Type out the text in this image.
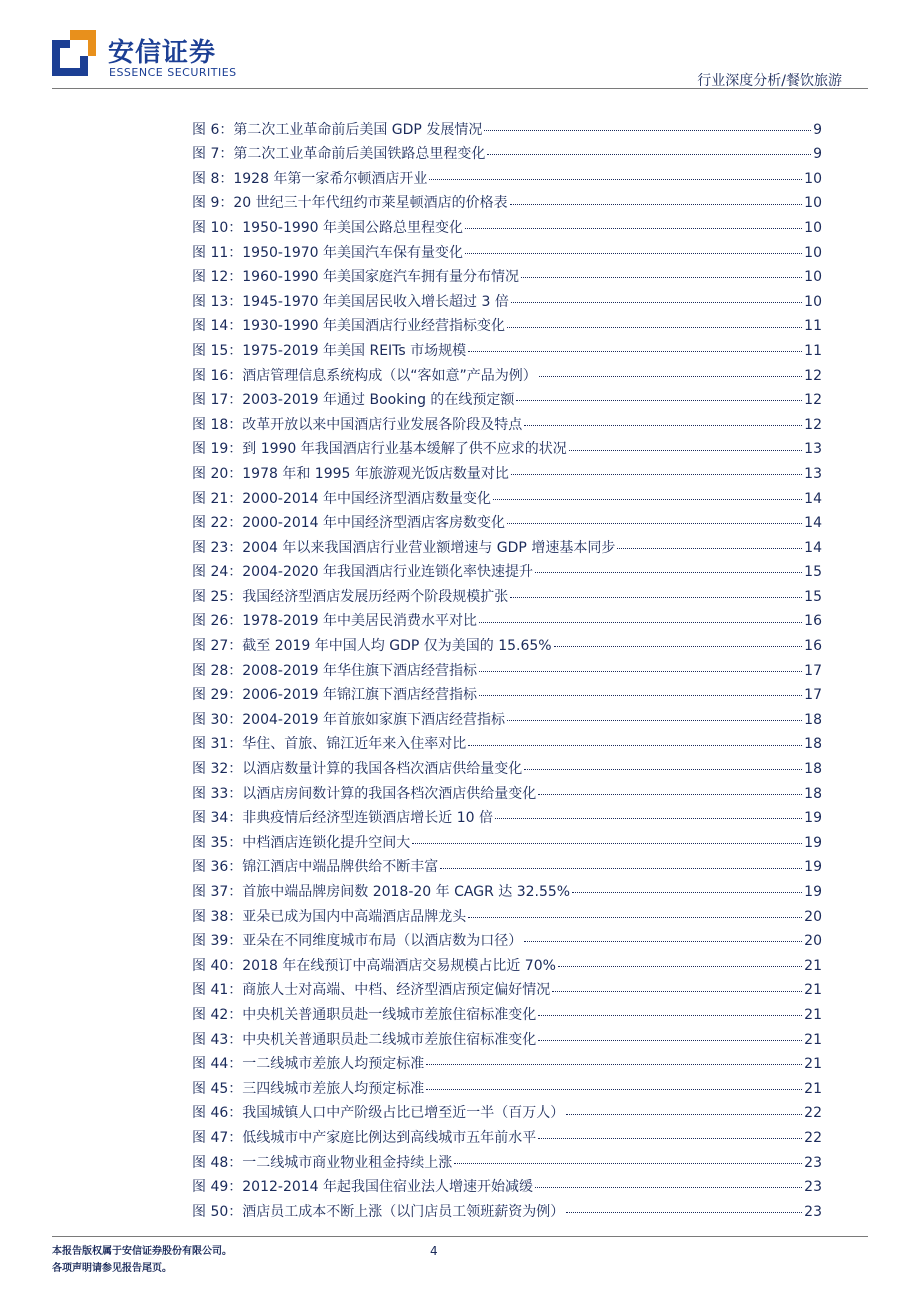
安信证券
ESSENCE SECURITIES
行业深度分析/餐饮旅游
图 6：第二次工业革命前后美国 GDP 发展情况	9
图 7：第二次工业革命前后美国铁路总里程变化	9
图 8：1928 年第一家希尔顿酒店开业	10
图 9：20 世纪三十年代纽约市莱星顿酒店的价格表	10
图 10：1950-1990 年美国公路总里程变化	10
图 11：1950-1970 年美国汽车保有量变化	10
图 12：1960-1990 年美国家庭汽车拥有量分布情况	10
图 13：1945-1970 年美国居民收入增长超过 3 倍	10
图 14：1930-1990 年美国酒店行业经营指标变化	11
图 15：1975-2019 年美国 REITs 市场规模	11
图 16：酒店管理信息系统构成（以“客如意”产品为例）	12
图 17：2003-2019 年通过 Booking 的在线预定额	12
图 18：改革开放以来中国酒店行业发展各阶段及特点	12
图 19：到 1990 年我国酒店行业基本缓解了供不应求的状况	13
图 20：1978 年和 1995 年旅游观光饭店数量对比	13
图 21：2000-2014 年中国经济型酒店数量变化	14
图 22：2000-2014 年中国经济型酒店客房数变化	14
图 23：2004 年以来我国酒店行业营业额增速与 GDP 增速基本同步	14
图 24：2004-2020 年我国酒店行业连锁化率快速提升	15
图 25：我国经济型酒店发展历经两个阶段规模扩张	15
图 26：1978-2019 年中美居民消费水平对比	16
图 27：截至 2019 年中国人均 GDP 仅为美国的 15.65%	16
图 28：2008-2019 年华住旗下酒店经营指标	17
图 29：2006-2019 年锦江旗下酒店经营指标	17
图 30：2004-2019 年首旅如家旗下酒店经营指标	18
图 31：华住、首旅、锦江近年来入住率对比	18
图 32：以酒店数量计算的我国各档次酒店供给量变化	18
图 33：以酒店房间数计算的我国各档次酒店供给量变化	18
图 34：非典疫情后经济型连锁酒店增长近 10 倍	19
图 35：中档酒店连锁化提升空间大	19
图 36：锦江酒店中端品牌供给不断丰富	19
图 37：首旅中端品牌房间数 2018-20 年 CAGR 达 32.55%	19
图 38：亚朵已成为国内中高端酒店品牌龙头	20
图 39：亚朵在不同维度城市布局（以酒店数为口径）	20
图 40：2018 年在线预订中高端酒店交易规模占比近 70%	21
图 41：商旅人士对高端、中档、经济型酒店预定偏好情况	21
图 42：中央机关普通职员赴一线城市差旅住宿标准变化	21
图 43：中央机关普通职员赴二线城市差旅住宿标准变化	21
图 44：一二线城市差旅人均预定标准	21
图 45：三四线城市差旅人均预定标准	21
图 46：我国城镇人口中产阶级占比已增至近一半（百万人）	22
图 47：低线城市中产家庭比例达到高线城市五年前水平	22
图 48：一二线城市商业物业租金持续上涨	23
图 49：2012-2014 年起我国住宿业法人增速开始减缓	23
图 50：酒店员工成本不断上涨（以门店员工领班薪资为例）	23
本报告版权属于安信证券股份有限公司。
各项声明请参见报告尾页。
4
